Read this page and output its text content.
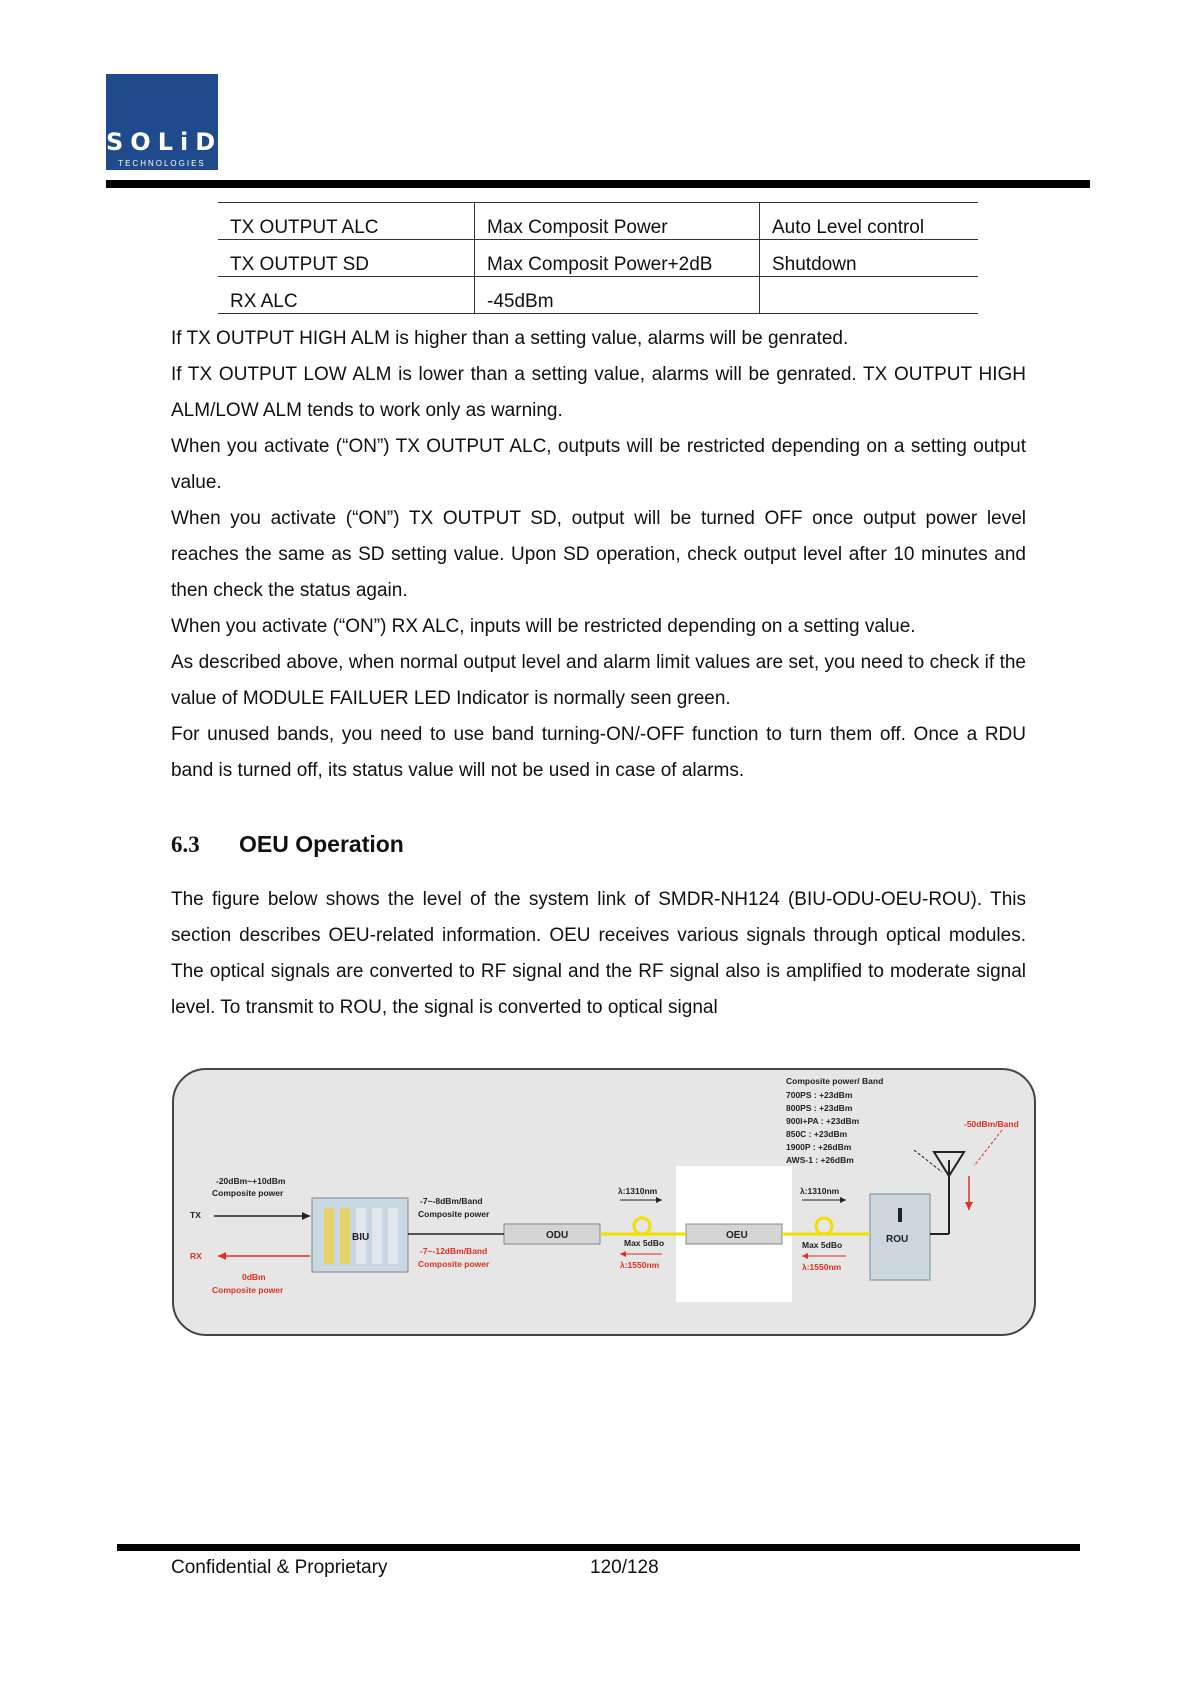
SOLiD
TECHNOLOGIES
TX OUTPUT ALC	Max Composit Power	Auto Level control
TX OUTPUT SD	Max Composit Power+2dB	Shutdown
RX ALC	-45dBm	

If TX OUTPUT HIGH ALM is higher than a setting value, alarms will be genrated.

If TX OUTPUT LOW ALM is lower than a setting value, alarms will be genrated. TX OUTPUT HIGH ALM/LOW ALM tends to work only as warning.

When you activate (“ON”) TX OUTPUT ALC, outputs will be restricted depending on a setting output value.

When you activate (“ON”) TX OUTPUT SD, output will be turned OFF once output power level reaches the same as SD setting value. Upon SD operation, check output level after 10 minutes and then check the status again.

When you activate (“ON”) RX ALC, inputs will be restricted depending on a setting value.

As described above, when normal output level and alarm limit values are set, you need to check if the value of MODULE FAILUER LED Indicator is normally seen green.

For unused bands, you need to use band turning-ON/-OFF function to turn them off. Once a RDU band is turned off, its status value will not be used in case of alarms.

6.3 OEU Operation

The figure below shows the level of the system link of SMDR-NH124 (BIU-ODU-OEU-ROU). This section describes OEU-related information. OEU receives various signals through optical modules. The optical signals are converted to RF signal and the RF signal also is amplified to moderate signal level. To transmit to ROU, the signal is converted to optical signal

BIU	ODU	OEU	ROU
Composite power/ Band
700PS : +23dBm
800PS : +23dBm
900I+PA : +23dBm
850C : +23dBm
1900P : +26dBm
AWS-1 : +26dBm
-50dBm/Band
-20dBm~+10dBm
Composite power
TX
RX
0dBm
Composite power
-7~-8dBm/Band
Composite power
-7~-12dBm/Band
Composite power
λ:1310nm
Max 5dBo
λ:1550nm
λ:1310nm
Max 5dBo
λ:1550nm
Confidential & Proprietary	120/128
